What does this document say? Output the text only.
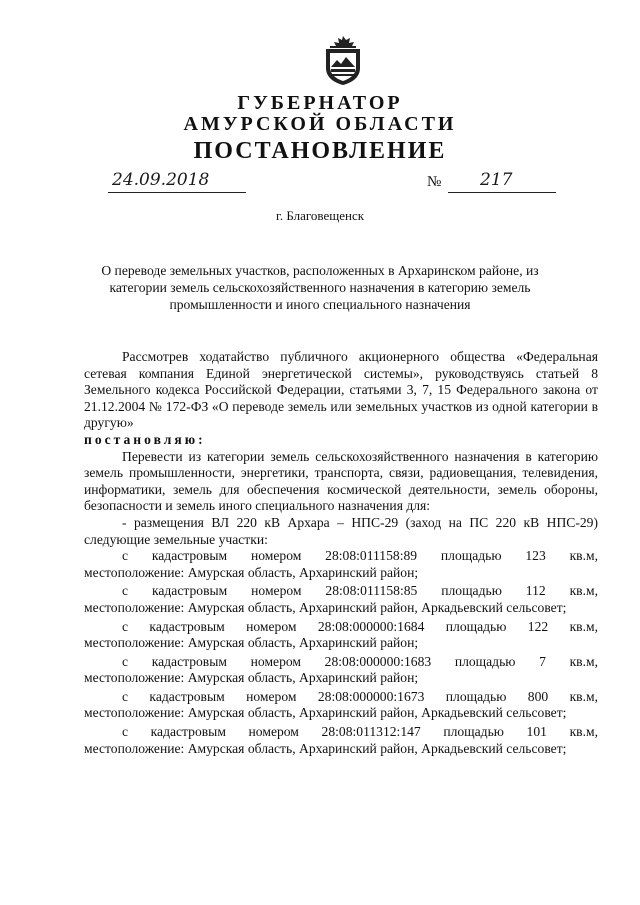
ГУБЕРНАТОР
АМУРСКОЙ ОБЛАСТИ
ПОСТАНОВЛЕНИЕ
24.09.2018	№ 217
г. Благовещенск
О переводе земельных участков, расположенных в Архаринском районе, из категории земель сельскохозяйственного назначения в категорию земель промышленности и иного специального назначения

Рассмотрев ходатайство публичного акционерного общества «Федеральная сетевая компания Единой энергетической системы», руководствуясь статьей 8 Земельного кодекса Российской Федерации, статьями 3, 7, 15 Федерального закона от 21.12.2004 № 172-ФЗ «О переводе земель или земельных участков из одной категории в другую»

постановляю:

Перевести из категории земель сельскохозяйственного назначения в категорию земель промышленности, энергетики, транспорта, связи, радиовещания, телевидения, информатики, земель для обеспечения космической деятельности, земель обороны, безопасности и земель иного специального назначения для:

- размещения ВЛ 220 кВ Архара – НПС-29 (заход на ПС 220 кВ НПС-29) следующие земельные участки:

с кадастровым номером 28:08:011158:89 площадью 123 кв.м,
местоположение: Амурская область, Архаринский район;
с кадастровым номером 28:08:011158:85 площадью 112 кв.м,
местоположение: Амурская область, Архаринский район, Аркадьевский сельсовет;
с кадастровым номером 28:08:000000:1684 площадью 122 кв.м,
местоположение: Амурская область, Архаринский район;
с кадастровым номером 28:08:000000:1683 площадью 7 кв.м,
местоположение: Амурская область, Архаринский район;
с кадастровым номером 28:08:000000:1673 площадью 800 кв.м,
местоположение: Амурская область, Архаринский район, Аркадьевский сельсовет;
с кадастровым номером 28:08:011312:147 площадью 101 кв.м,
местоположение: Амурская область, Архаринский район, Аркадьевский сельсовет;
